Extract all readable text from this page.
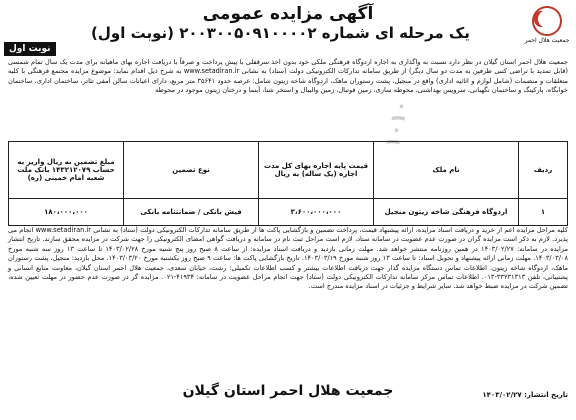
جمعیت هلال احمر
آگهی مزایده عمومی
یک مرحله ای شماره ۲۰۰۳۰۰۵۰۹۱۰۰۰۰۲ (نوبت اول)
نوبت اول
جمعیت هلال احمر استان گیلان در نظر دارد نسبت به واگذاری به اجاره اردوگاه فرهنگی ملکی خود بدون اخذ سرقفلی با پیش پرداخت و صرفاً با دریافت اجاره بهای ماهیانه برای مدت یک سال تمام شمسی (قابل تمدید با تراضی کتبی طرفین به مدت دو سال دیگر) از طریق سامانه تدارکات الکترونیکی دولت (ستاد) به نشانی www.setadiran.ir به شرح ذیل اقدام نماید: موضوع مزایده مجتمع فرهنگی با کلیه متعلقات و منضمات (شامل لوازم و اثاثیه اداری) واقع در منجیل، پشت رستوران ماهک، اردوگاه شاخه زیتون شامل: عرصه حدود ۳۵۶۴۱ متر مربع، دارای اعیانات سالن آمفی تئاتر، ساختمان اداری، ساختمان خوابگاه، پارکینگ و ساختمان نگهبانی، سرویس بهداشتی، محوطه سازی، زمین فوتبال، زمین والیبال و استخر شنا، آبنما و درختان زیتون موجود در محوطه
۱۰۱۰
ردیف	نام ملک	قیمت پایه اجاره بهای کل مدت اجاره (یک ساله) به ریال	نوع تضمین	مبلغ تضمین به ریال واریز به حساب ۱۴۳۲۱۲۰۷۹ بانک ملت شعبه امام خمینی (ره)
۱	اردوگاه فرهنگی شاخه زیتون منجیل	۳،۶۰۰،۰۰۰،۰۰۰	فیش بانکی / ضمانتنامه بانکی	۱۸۰،۰۰۰،۰۰۰
کلیه مراحل مزایده اعم از خرید و دریافت اسناد مزایده، ارائه پیشنهاد قیمت، پرداخت تضمین و بازگشایی پاکت ها از طریق سامانه تدارکات الکترونیکی دولت (ستاد) به نشانی www.setadiran.ir انجام می پذیرد. لازم به ذکر است مزایده گران در صورت عدم عضویت در سامانه ستاد، لازم است مراحل ثبت نام در سامانه و دریافت گواهی امضای الکترونیکی را جهت شرکت در مزایده محقق سازند. تاریخ انتشار مزایده در سامانه: ۱۴۰۳/۰۲/۲۷ در همین روزنامه منتشر خواهد شد. مهلت زمانی بازدید و دریافت اسناد مزایده: از ساعت ۸ صبح روز پنج شنبه مورخ ۱۴۰۳/۰۲/۲۸ تا ساعت ۱۳ روز سه شنبه مورخ ۱۴۰۳/۰۳/۰۸. مهلت زمانی ارائه پیشنهاد و تحویل اسناد: تا ساعت ۱۳ روز شنبه مورخ ۱۴۰۳/۰۳/۱۹. تاریخ بازگشایی پاکت ها: ساعت ۹ صبح روز یکشنبه مورخ ۱۴۰۳/۰۳/۲۰. محل بازدید: منجیل، پشت رستوران ماهک، اردوگاه شاخه زیتون. اطلاعات تماس دستگاه مزایده گذار جهت دریافت اطلاعات بیشتر و کسب اطلاعات تکمیلی: رشت، خیابان سعدی، جمعیت هلال احمر استان گیلان، معاونت منابع انسانی و پشتیبانی، تلفن ۳۳۲۳۱۳۱۳-۰۱۳. اطلاعات تماس مرکز سامانه تدارکات الکترونیکی دولت (ستاد) جهت انجام مراحل عضویت در سامانه: ۴۱۹۳۴-۰۲۱. مزایده گر در صورت عدم حضور در مهلت تعیین شده، تضمین شرکت در مزایده ضبط خواهد شد. سایر شرایط و جزئیات در اسناد مزایده مندرج است.
جمعیت هلال احمر استان گیلان	تاریخ انتشار: ۱۴۰۳/۰۲/۲۷
